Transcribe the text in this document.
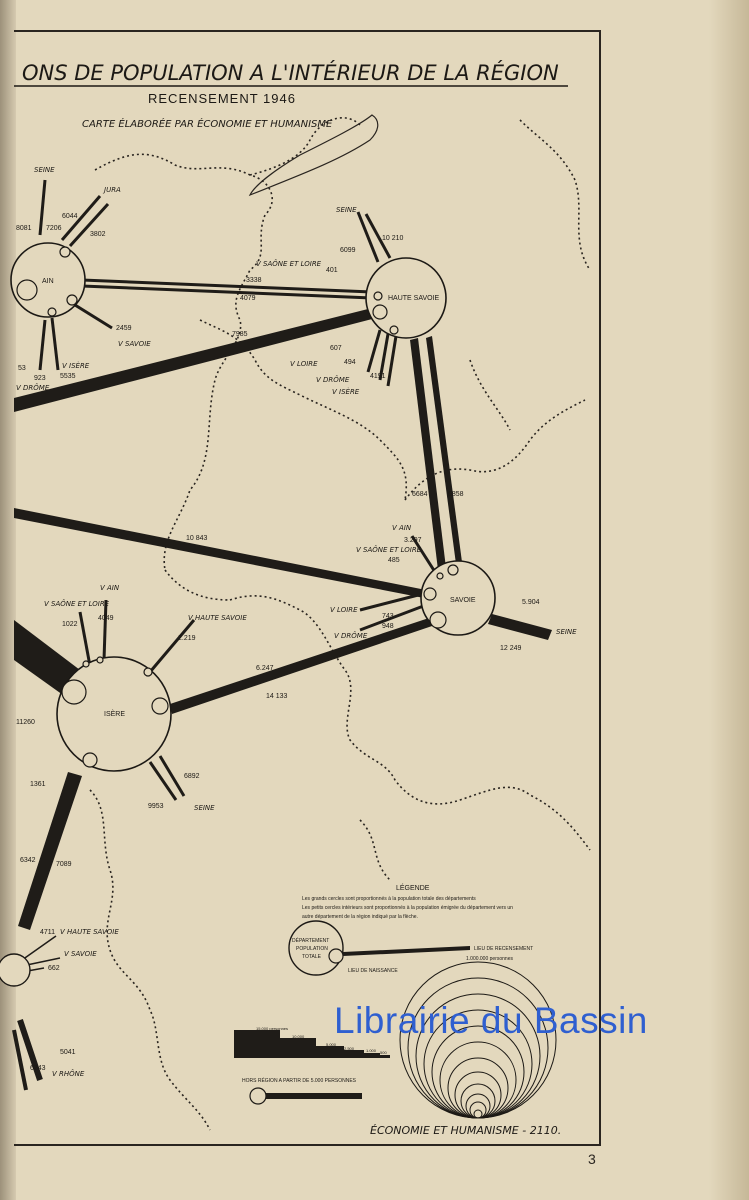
ONS DE POPULATION A L'INTÉRIEUR DE LA RÉGION
RECENSEMENT 1946
CARTE ÉLABORÉE PAR ÉCONOMIE ET HUMANISME
AIN
HAUTE SAVOIE
SAVOIE
ISÈRE
SEINE
JURA
7206
6044
3802
2459
V SAVOIE
V ISÈRE
5535
V DRÔME
923
53
8081
SEINE
10 210
6099
V SAÔNE ET LOIRE
401
3338
4079
7985
607
V LOIRE	494
V DRÔME	4191
V ISÈRE
6684	6858
10 843
V AIN
3.297
V SAÔNE ET LOIRE
485
V LOIRE
743
948
V DRÔME
5.904
SEINE
12 249
V AIN
V SAÔNE ET LOIRE
1022
4049	V HAUTE SAVOIE
2.219
6.247
14 133
6892
9953	SEINE
11260
1361
6342
7089
4711 V HAUTE SAVOIE
V SAVOIE
662
5041
6243
V RHÔNE
LÉGENDE
Les grands cercles sont proportionnés à la population totale des départements
Les petits cercles intérieurs sont proportionnés à la population émigrée du département vers un
autre département de la région indiqué par la flèche.
DÉPARTEMENT
POPULATION
TOTALE
LIEU DE RECENSEMENT
LIEU DE NAISSANCE
1.000.000 personnes
15.000 personnes
10.000
5.000
2.500	1.000 500
HORS RÉGION A PARTIR DE 5.000 PERSONNES
ÉCONOMIE ET HUMANISME - 2110.
Librairie du Bassin
3
